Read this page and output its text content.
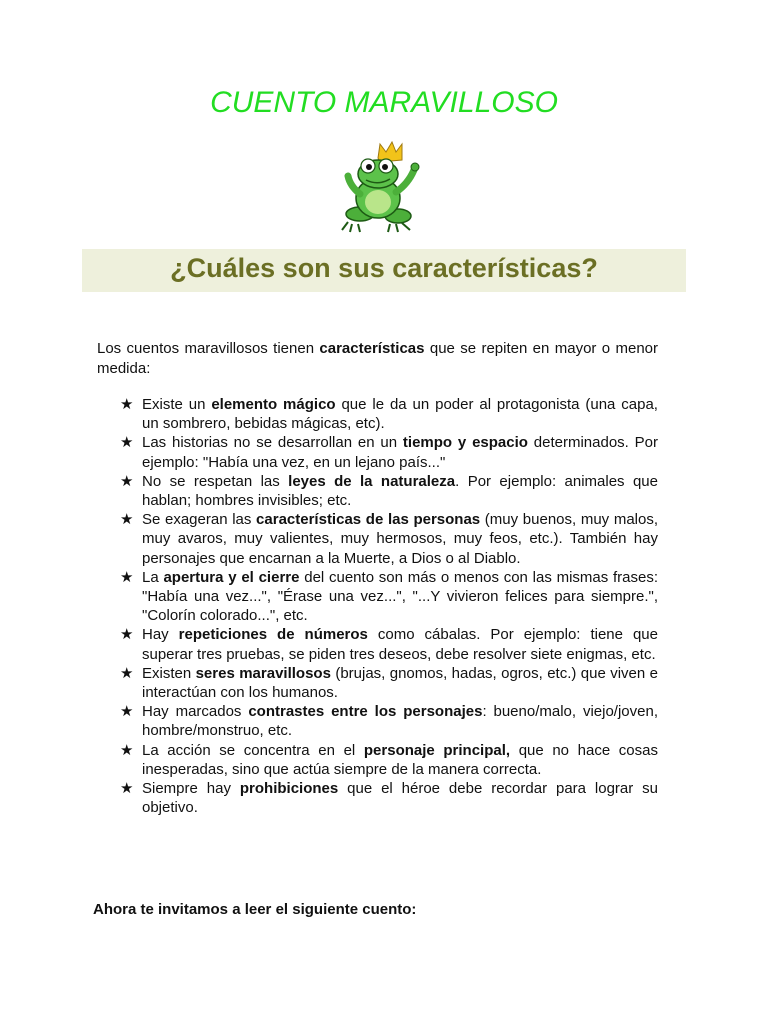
CUENTO MARAVILLOSO
¿Cuáles son sus características?

Los cuentos maravillosos tienen características que se repiten en mayor o menor medida:

★ Existe un elemento mágico que le da un poder al protagonista (una capa, un sombrero, bebidas mágicas, etc).
★ Las historias no se desarrollan en un tiempo y espacio determinados. Por ejemplo: "Había una vez, en un lejano país..."
★ No se respetan las leyes de la naturaleza. Por ejemplo: animales que hablan; hombres invisibles; etc.
★ Se exageran las características de las personas (muy buenos, muy malos, muy avaros, muy valientes, muy hermosos, muy feos, etc.). También hay personajes que encarnan a la Muerte, a Dios o al Diablo.
★ La apertura y el cierre del cuento son más o menos con las mismas frases: "Había una vez...", "Érase una vez...", "...Y vivieron felices para siempre.", "Colorín colorado...", etc.
★ Hay repeticiones de números como cábalas. Por ejemplo: tiene que superar tres pruebas, se piden tres deseos, debe resolver siete enigmas, etc.
★ Existen seres maravillosos (brujas, gnomos, hadas, ogros, etc.) que viven e interactúan con los humanos.
★ Hay marcados contrastes entre los personajes: bueno/malo, viejo/joven, hombre/monstruo, etc.
★ La acción se concentra en el personaje principal, que no hace cosas inesperadas, sino que actúa siempre de la manera correcta.
★ Siempre hay prohibiciones que el héroe debe recordar para lograr su objetivo.

Ahora te invitamos a leer el siguiente cuento:
